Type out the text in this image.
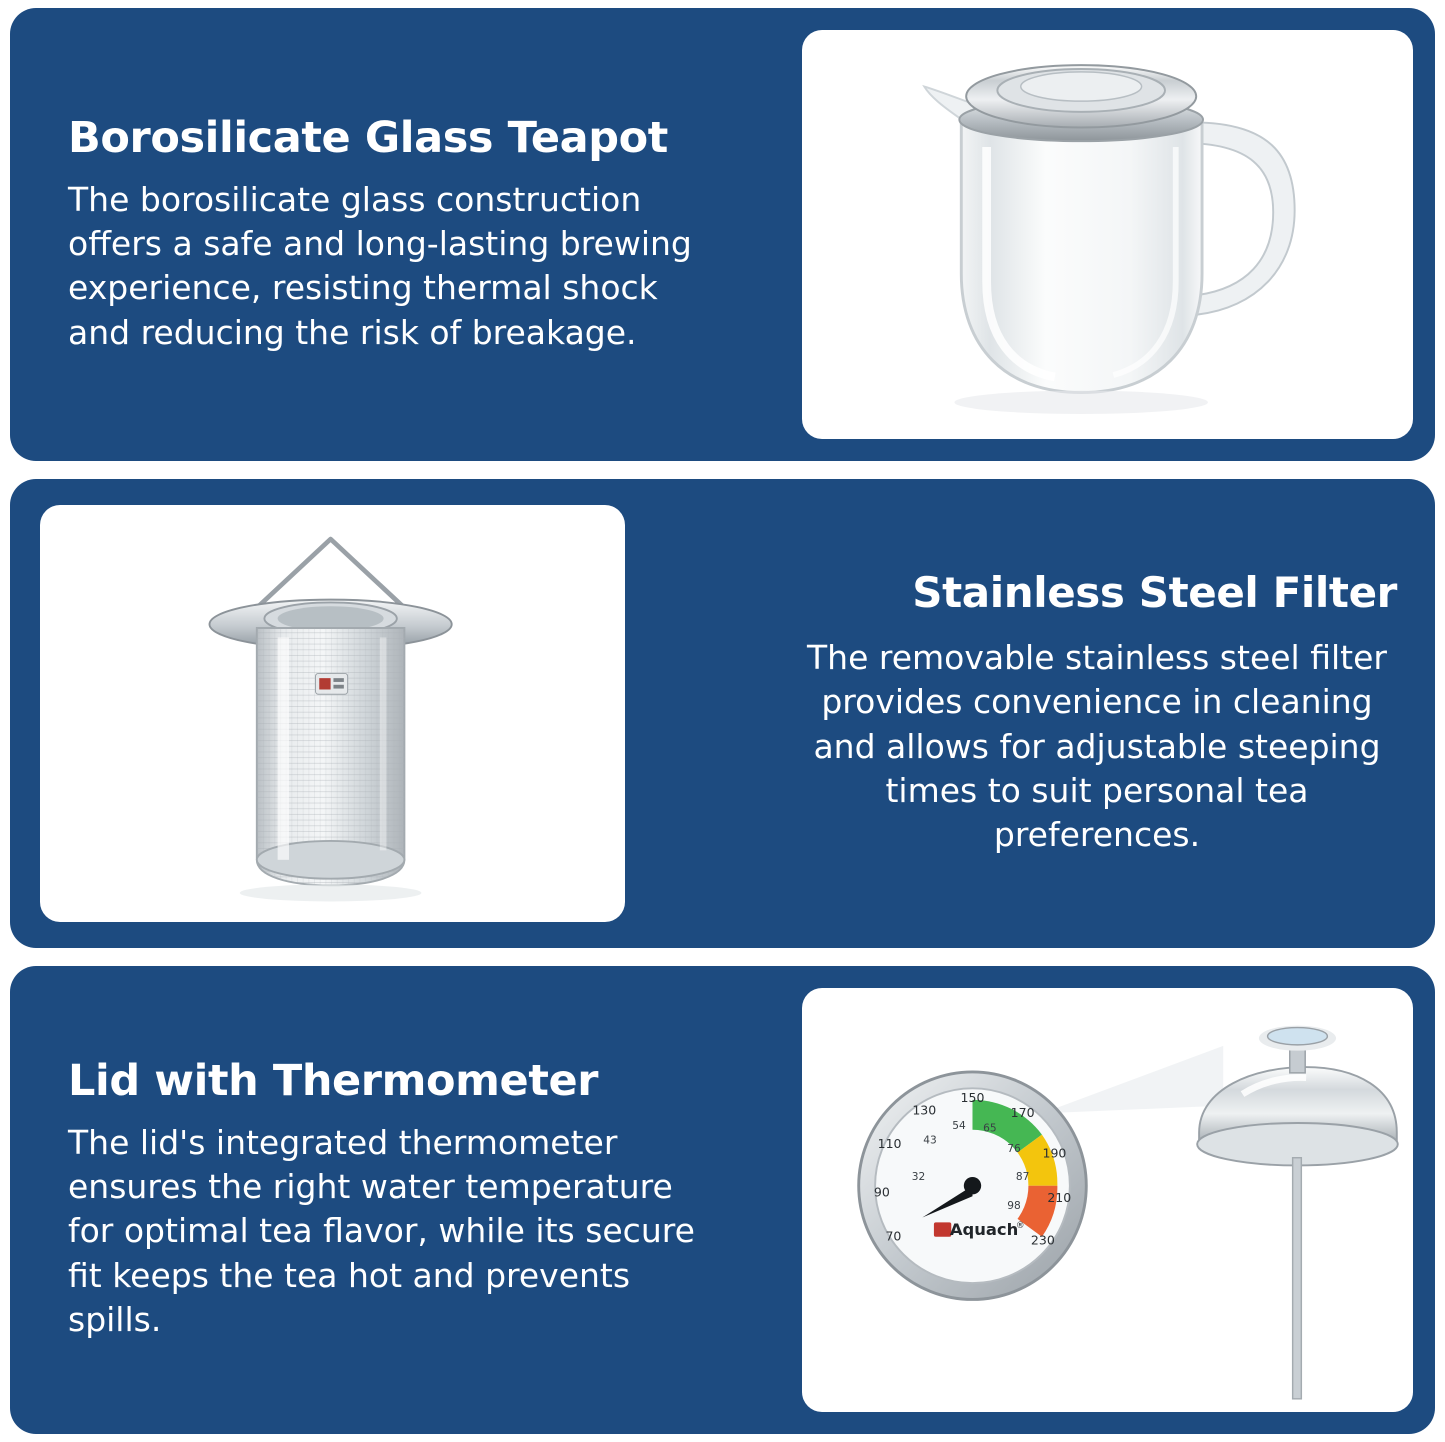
Borosilicate Glass Teapot

The borosilicate glass construction offers a safe and long-lasting brewing experience, resisting thermal shock and reducing the risk of breakage.

Stainless Steel Filter

The removable stainless steel filter provides convenience in cleaning and allows for adjustable steeping times to suit personal tea preferences.

Lid with Thermometer

The lid's integrated thermometer ensures the right water temperature for optimal tea flavor, while its secure fit keeps the tea hot and prevents spills.

130
150
170
190
210
230
110
90
70
43
54 65
76
87
98
32
Aquach
®
